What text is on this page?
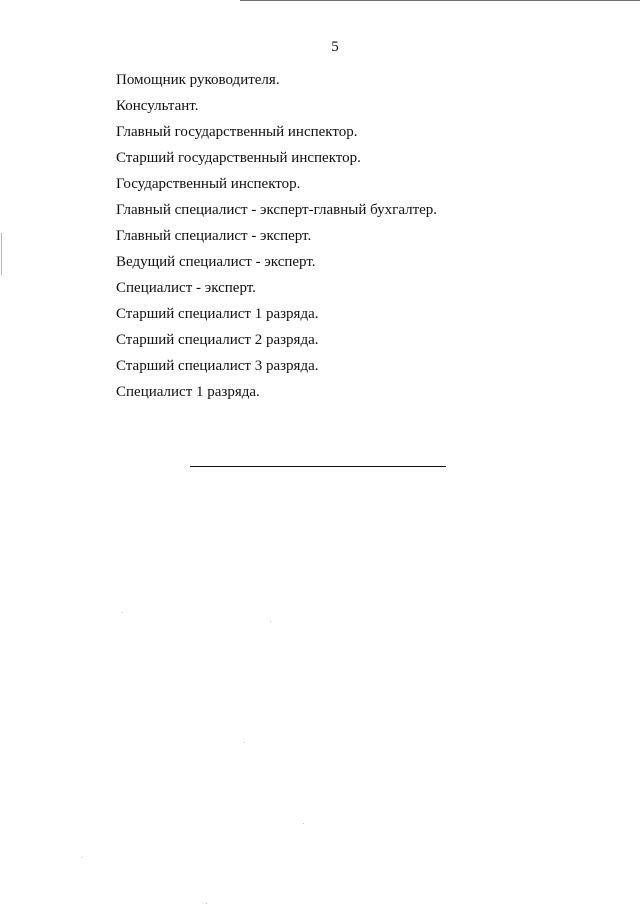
5
Помощник руководителя.
Консультант.
Главный государственный инспектор.
Старший государственный инспектор.
Государственный инспектор.
Главный специалист - эксперт-главный бухгалтер.
Главный специалист - эксперт.
Ведущий специалист - эксперт.
Специалист - эксперт.
Старший специалист 1 разряда.
Старший специалист 2 разряда.
Старший специалист 3 разряда.
Специалист 1 разряда.
